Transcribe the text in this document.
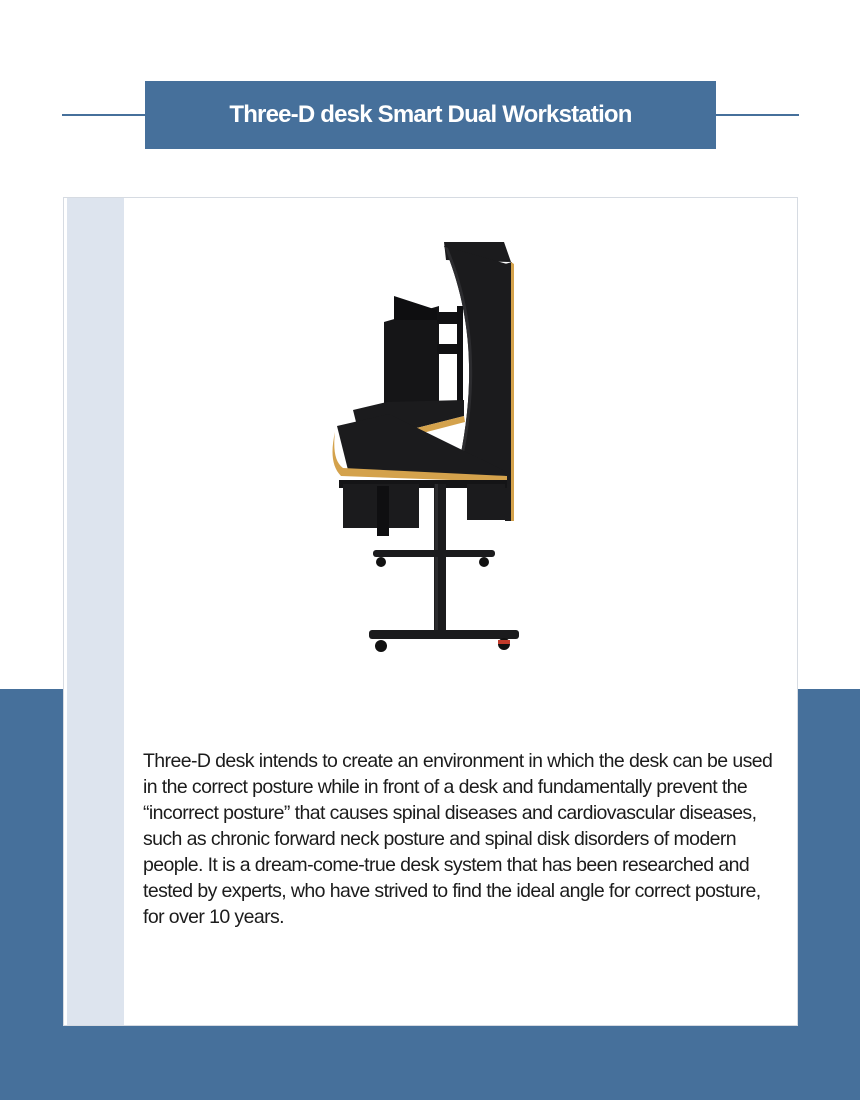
Three-D desk Smart Dual Workstation

Three-D desk intends to create an environment in which the desk can be used in the correct posture while in front of a desk and fundamentally prevent the “incorrect posture” that causes spinal diseases and cardiovascular diseases, such as chronic forward neck posture and spinal disk disorders of modern people. It is a dream-come-true desk system that has been researched and tested by experts, who have strived to find the ideal angle for correct posture, for over 10 years.
